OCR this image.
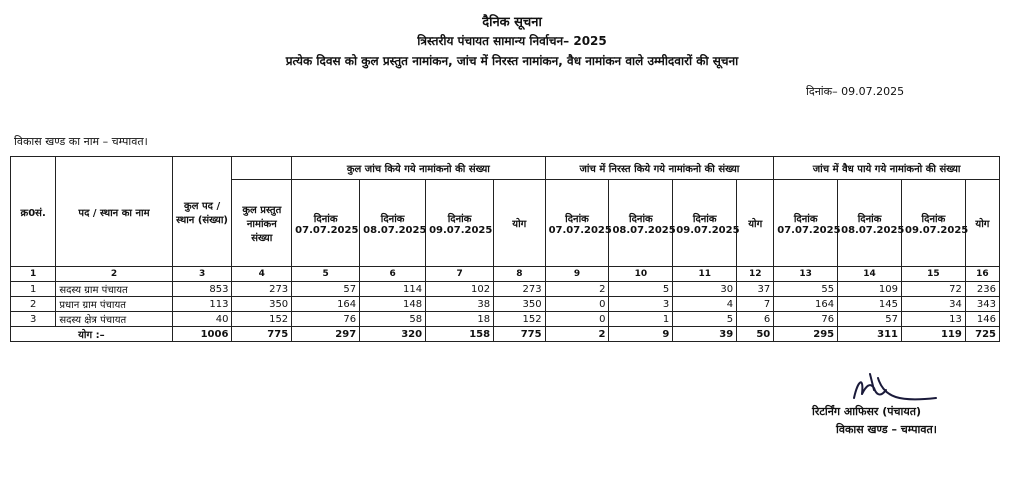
दैनिक सूचना
त्रिस्तरीय पंचायत सामान्य निर्वाचन– 2025
प्रत्येक दिवस को कुल प्रस्तुत नामांकन, जांच में निरस्त नामांकन, वैध नामांकन वाले उम्मीदवारों की सूचना
दिनांक– 09.07.2025
विकास खण्ड का नाम – चम्पावत।
क्र0सं.	पद / स्थान का नाम	कुल पद / स्थान (संख्या)		कुल जांच किये गये नामांकनो की संख्या				जांच में निरस्त किये गये नामांकनो की संख्या				जांच में वैध पाये गये नामांकनो की संख्या			
			कुल प्रस्तुत नामांकन संख्या	दिनांक 07.07.2025	दिनांक 08.07.2025	दिनांक 09.07.2025	योग	दिनांक 07.07.2025	दिनांक 08.07.2025	दिनांक 09.07.2025	योग	दिनांक 07.07.2025	दिनांक 08.07.2025	दिनांक 09.07.2025	योग
1	2	3	4	5	6	7	8	9	10	11	12	13	14	15	16
1	सदस्य ग्राम पंचायत	853	273	57	114	102	273	2	5	30	37	55	109	72	236
2	प्रधान ग्राम पंचायत	113	350	164	148	38	350	0	3	4	7	164	145	34	343
3	सदस्य क्षेत्र पंचायत	40	152	76	58	18	152	0	1	5	6	76	57	13	146
योग :–		1006	775	297	320	158	775	2	9	39	50	295	311	119	725
रिटर्निंग आफिसर (पंचायत)
विकास खण्ड – चम्पावत।
